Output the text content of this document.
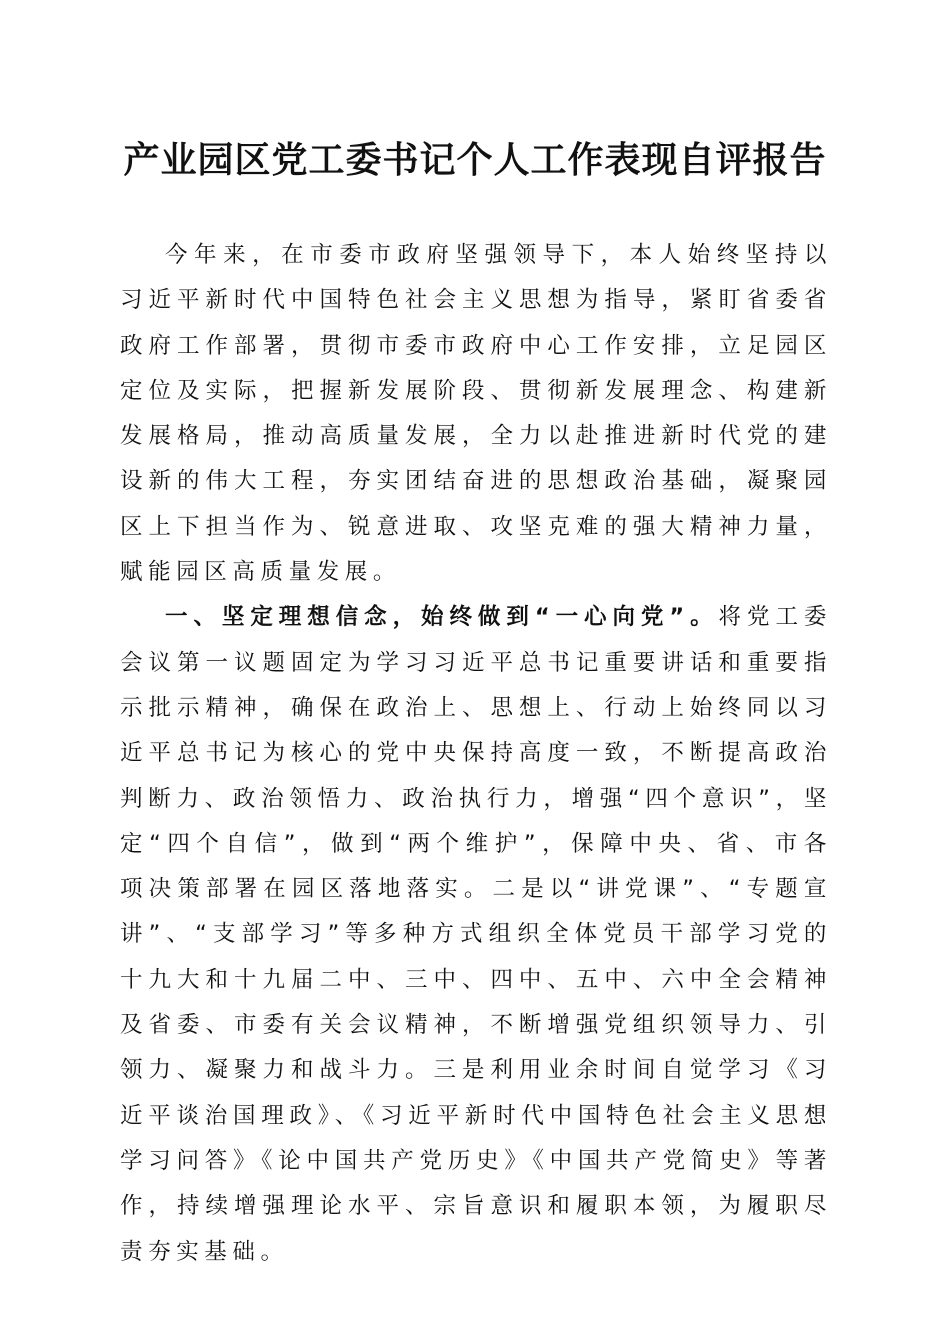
产业园区党工委书记个人工作表现自评报告

今年来，在市委市政府坚强领导下，本人始终坚持以习近平新时代中国特色社会主义思想为指导，紧盯省委省政府工作部署，贯彻市委市政府中心工作安排，立足园区定位及实际，把握新发展阶段、贯彻新发展理念、构建新发展格局，推动高质量发展，全力以赴推进新时代党的建设新的伟大工程，夯实团结奋进的思想政治基础，凝聚园区上下担当作为、锐意进取、攻坚克难的强大精神力量，赋能园区高质量发展。

一、坚定理想信念，始终做到“一心向党”。将党工委会议第一议题固定为学习习近平总书记重要讲话和重要指示批示精神，确保在政治上、思想上、行动上始终同以习近平总书记为核心的党中央保持高度一致，不断提高政治判断力、政治领悟力、政治执行力，增强“四个意识”，坚定“四个自信”，做到“两个维护”，保障中央、省、市各项决策部署在园区落地落实。二是以“讲党课”、“专题宣讲”、“支部学习”等多种方式组织全体党员干部学习党的十九大和十九届二中、三中、四中、五中、六中全会精神及省委、市委有关会议精神，不断增强党组织领导力、引领力、凝聚力和战斗力。三是利用业余时间自觉学习《习近平谈治国理政》、《习近平新时代中国特色社会主义思想学习问答》《论中国共产党历史》《中国共产党简史》等著作，持续增强理论水平、宗旨意识和履职本领，为履职尽责夯实基础。
